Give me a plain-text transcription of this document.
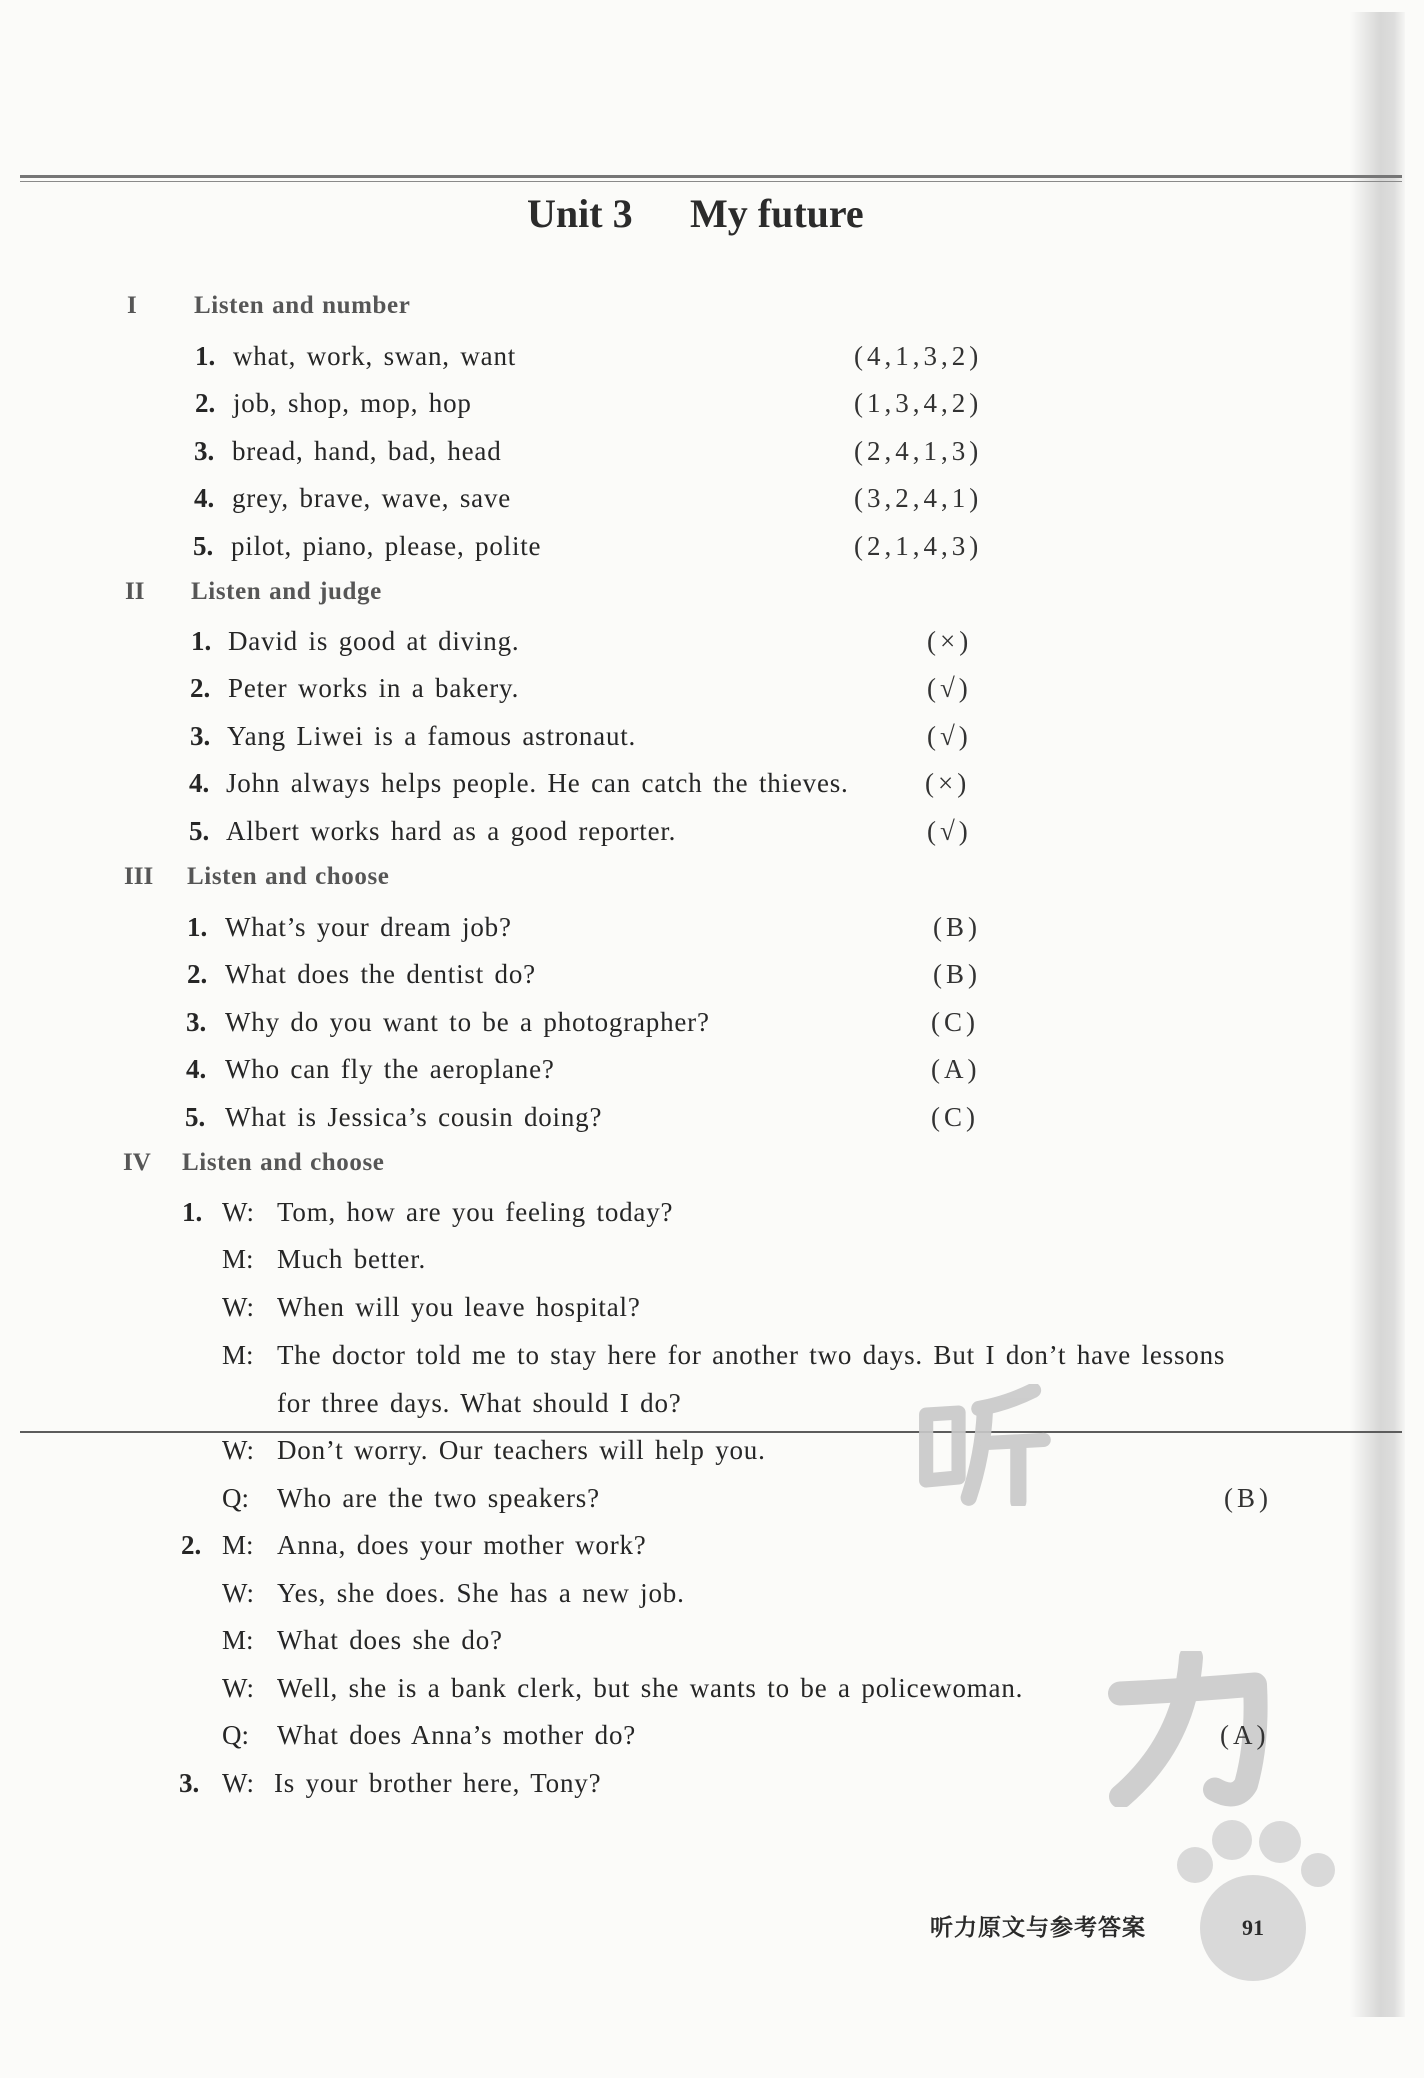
Unit 3 My future
I Listen and number
1. what, work, swan, want	(4,1,3,2)
2. job, shop, mop, hop	(1,3,4,2)
3. bread, hand, bad, head	(2,4,1,3)
4. grey, brave, wave, save	(3,2,4,1)
5. pilot, piano, please, polite	(2,1,4,3)
II Listen and judge
1. David is good at diving.	(×)
2. Peter works in a bakery.	(√)
3. Yang Liwei is a famous astronaut.	(√)
4. John always helps people. He can catch the thieves.	(×)
5. Albert works hard as a good reporter.	(√)
III Listen and choose
1. What’s your dream job?	(B)
2. What does the dentist do?	(B)
3. Why do you want to be a photographer?	(C)
4. Who can fly the aeroplane?	(A)
5. What is Jessica’s cousin doing?	(C)
IV Listen and choose
1. W: Tom, how are you feeling today?
M: Much better.
W: When will you leave hospital?
M: The doctor told me to stay here for another two days. But I don’t have lessons
for three days. What should I do?
W: Don’t worry. Our teachers will help you.
Q: Who are the two speakers?	(B)
2. M: Anna, does your mother work?
W: Yes, she does. She has a new job.
M: What does she do?
W: Well, she is a bank clerk, but she wants to be a policewoman.
Q: What does Anna’s mother do?	(A)
3. W: Is your brother here, Tony?
听力原文与参考答案	91
